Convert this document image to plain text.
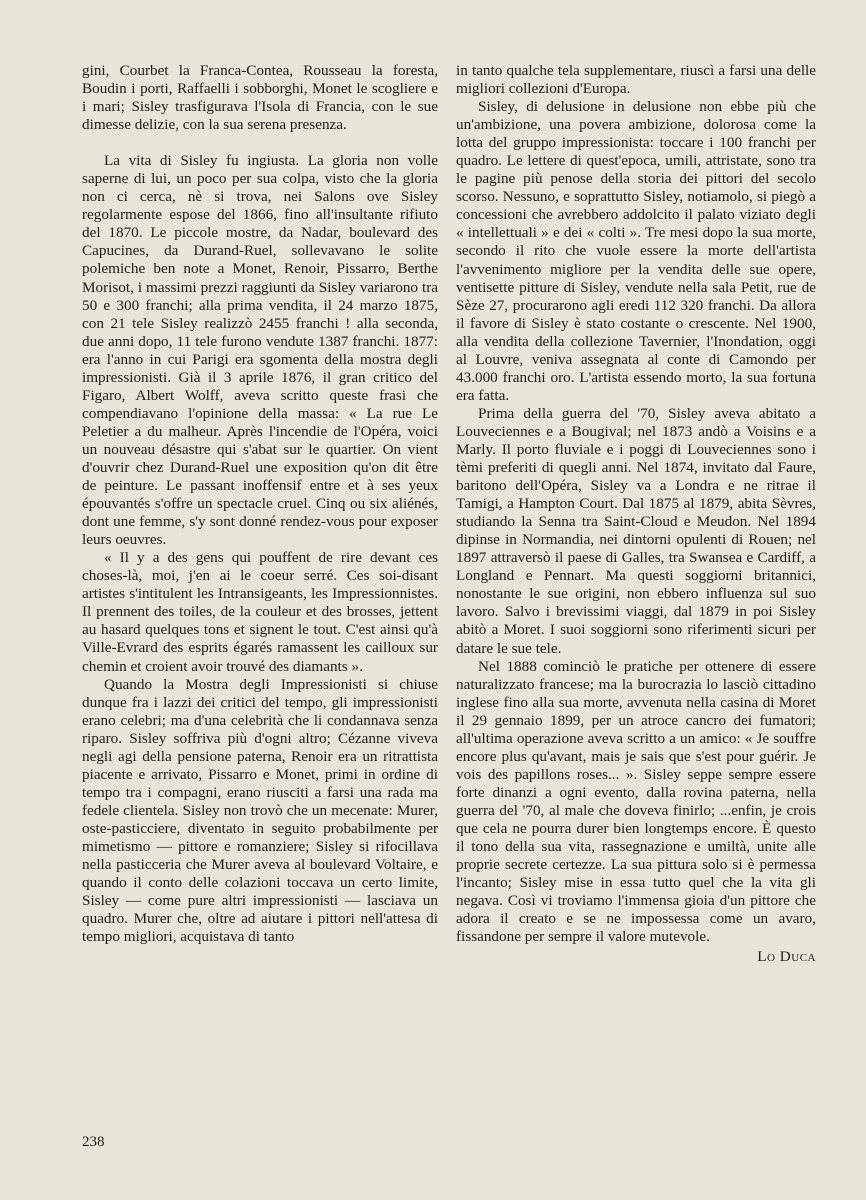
gini, Courbet la Franca-Contea, Rousseau la foresta, Boudin i porti, Raffaelli i sobborghi, Monet le scogliere e i mari; Sisley trasfigurava l'Isola di Francia, con le sue dimesse delizie, con la sua serena presenza.

La vita di Sisley fu ingiusta. La gloria non volle saperne di lui, un poco per sua colpa, visto che la gloria non ci cerca, nè si trova, nei Salons ove Sisley regolarmente espose del 1866, fino all'insultante rifiuto del 1870. Le piccole mostre, da Nadar, boulevard des Capucines, da Durand-Ruel, sollevavano le solite polemiche ben note a Monet, Renoir, Pissarro, Berthe Morisot, i massimi prezzi raggiunti da Sisley variarono tra 50 e 300 franchi; alla prima vendita, il 24 marzo 1875, con 21 tele Sisley realizzò 2455 franchi ! alla seconda, due anni dopo, 11 tele furono vendute 1387 franchi. 1877: era l'anno in cui Parigi era sgomenta della mostra degli impressionisti. Già il 3 aprile 1876, il gran critico del Figaro, Albert Wolff, aveva scritto queste frasi che compendiavano l'opinione della massa: « La rue Le Peletier a du malheur. Après l'incendie de l'Opéra, voici un nouveau désastre qui s'abat sur le quartier. On vient d'ouvrir chez Durand-Ruel une exposition qu'on dit être de peinture. Le passant inoffensif entre et à ses yeux épouvantés s'offre un spectacle cruel. Cinq ou six aliénés, dont une femme, s'y sont donné rendez-vous pour exposer leurs oeuvres.

« Il y a des gens qui pouffent de rire devant ces choses-là, moi, j'en ai le coeur serré. Ces soi-disant artistes s'intitulent les Intransigeants, les Impressionnistes. Il prennent des toiles, de la couleur et des brosses, jettent au hasard quelques tons et signent le tout. C'est ainsi qu'à Ville-Evrard des esprits égarés ramassent les cailloux sur chemin et croient avoir trouvé des diamants ».

Quando la Mostra degli Impressionisti si chiuse dunque fra i lazzi dei critici del tempo, gli impressionisti erano celebri; ma d'una celebrità che li condannava senza riparo. Sisley soffriva più d'ogni altro; Cézanne viveva negli agi della pensione paterna, Renoir era un ritrattista piacente e arrivato, Pissarro e Monet, primi in ordine di tempo tra i compagni, erano riusciti a farsi una rada ma fedele clientela. Sisley non trovò che un mecenate: Murer, oste-pasticciere, diventato in seguito probabilmente per mimetismo — pittore e romanziere; Sisley si rifocillava nella pasticceria che Murer aveva al boulevard Voltaire, e quando il conto delle colazioni toccava un certo limite, Sisley — come pure altri impressionisti — lasciava un quadro. Murer che, oltre ad aiutare i pittori nell'attesa di tempo migliori, acquistava di tanto

in tanto qualche tela supplementare, riuscì a farsi una delle migliori collezioni d'Europa.

Sisley, di delusione in delusione non ebbe più che un'ambizione, una povera ambizione, dolorosa come la lotta del gruppo impressionista: toccare i 100 franchi per quadro. Le lettere di quest'epoca, umili, attristate, sono tra le pagine più penose della storia dei pittori del secolo scorso. Nessuno, e soprattutto Sisley, notiamolo, si piegò a concessioni che avrebbero addolcito il palato viziato degli « intellettuali » e dei « colti ». Tre mesi dopo la sua morte, secondo il rito che vuole essere la morte dell'artista l'avvenimento migliore per la vendita delle sue opere, ventisette pitture di Sisley, vendute nella sala Petit, rue de Sèze 27, procurarono agli eredi 112 320 franchi. Da allora il favore di Sisley è stato costante o crescente. Nel 1900, alla vendita della collezione Tavernier, l'Inondation, oggi al Louvre, veniva assegnata al conte di Camondo per 43.000 franchi oro. L'artista essendo morto, la sua fortuna era fatta.

Prima della guerra del '70, Sisley aveva abitato a Louveciennes e a Bougival; nel 1873 andò a Voisins e a Marly. Il porto fluviale e i poggi di Louveciennes sono i tèmi preferiti di quegli anni. Nel 1874, invitato dal Faure, baritono dell'Opéra, Sisley va a Londra e ne ritrae il Tamigi, a Hampton Court. Dal 1875 al 1879, abita Sèvres, studiando la Senna tra Saint-Cloud e Meudon. Nel 1894 dipinse in Normandia, nei dintorni opulenti di Rouen; nel 1897 attraversò il paese di Galles, tra Swansea e Cardiff, a Longland e Pennart. Ma questi soggiorni britannici, nonostante le sue origini, non ebbero influenza sul suo lavoro. Salvo i brevissimi viaggi, dal 1879 in poi Sisley abitò a Moret. I suoi soggiorni sono riferimenti sicuri per datare le sue tele.

Nel 1888 cominciò le pratiche per ottenere di essere naturalizzato francese; ma la burocrazia lo lasciò cittadino inglese fino alla sua morte, avvenuta nella casina di Moret il 29 gennaio 1899, per un atroce cancro dei fumatori; all'ultima operazione aveva scritto a un amico: « Je souffre encore plus qu'avant, mais je sais que s'est pour guérir. Je vois des papillons roses... ». Sisley seppe sempre essere forte dinanzi a ogni evento, dalla rovina paterna, nella guerra del '70, al male che doveva finirlo; ...enfin, je crois que cela ne pourra durer bien longtemps encore. È questo il tono della sua vita, rassegnazione e umiltà, unite alle proprie secrete certezze. La sua pittura solo si è permessa l'incanto; Sisley mise in essa tutto quel che la vita gli negava. Così vi troviamo l'immensa gioia d'un pittore che adora il creato e se ne impossessa come un avaro, fissandone per sempre il valore mutevole.

Lo Duca
238
